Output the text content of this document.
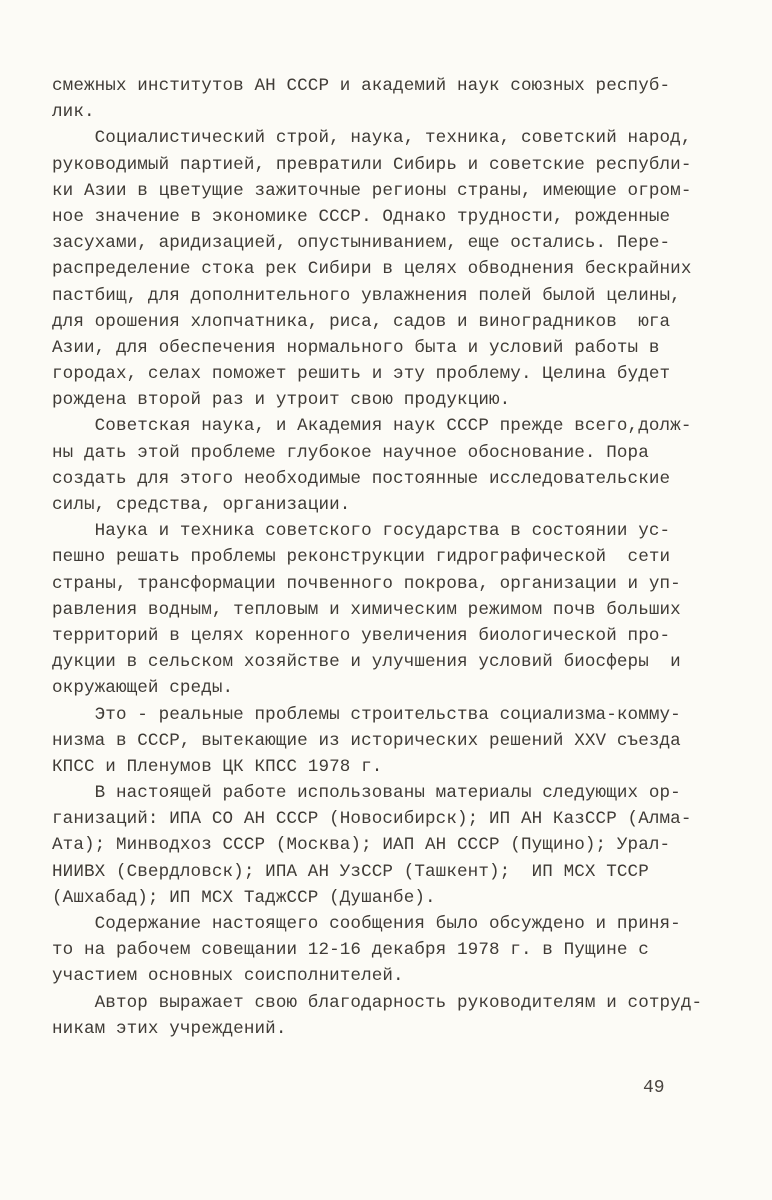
смежных институтов АН СССР и академий наук союзных респуб-
лик.
Социалистический строй, наука, техника, советский народ,
руководимый партией, превратили Сибирь и советские республи-
ки Азии в цветущие зажиточные регионы страны, имеющие огром-
ное значение в экономике СССР. Однако трудности, рожденные
засухами, аридизацией, опустыниванием, еще остались. Пере-
распределение стока рек Сибири в целях обводнения бескрайних
пастбищ, для дополнительного увлажнения полей былой целины,
для орошения хлопчатника, риса, садов и виноградников  юга
Азии, для обеспечения нормального быта и условий работы в
городах, селах поможет решить и эту проблему. Целина будет
рождена второй раз и утроит свою продукцию.
Советская наука, и Академия наук СССР прежде всего,долж-
ны дать этой проблеме глубокое научное обоснование. Пора
создать для этого необходимые постоянные исследовательские
силы, средства, организации.
Наука и техника советского государства в состоянии ус-
пешно решать проблемы реконструкции гидрографической  сети
страны, трансформации почвенного покрова, организации и уп-
равления водным, тепловым и химическим режимом почв больших
территорий в целях коренного увеличения биологической про-
дукции в сельском хозяйстве и улучшения условий биосферы  и
окружающей среды.
Это - реальные проблемы строительства социализма-комму-
низма в СССР, вытекающие из исторических решений XXV съезда
КПСС и Пленумов ЦК КПСС 1978 г.
В настоящей работе использованы материалы следующих ор-
ганизаций: ИПА СО АН СССР (Новосибирск); ИП АН КазССР (Алма-
Ата); Минводхоз СССР (Москва); ИАП АН СССР (Пущино); Урал-
НИИВХ (Свердловск); ИПА АН УзССР (Ташкент);  ИП МСХ ТССР
(Ашхабад); ИП МСХ ТаджССР (Душанбе).
Содержание настоящего сообщения было обсуждено и приня-
то на рабочем совещании 12-16 декабря 1978 г. в Пущине с
участием основных соисполнителей.
Автор выражает свою благодарность руководителям и сотруд-
никам этих учреждений.
49
